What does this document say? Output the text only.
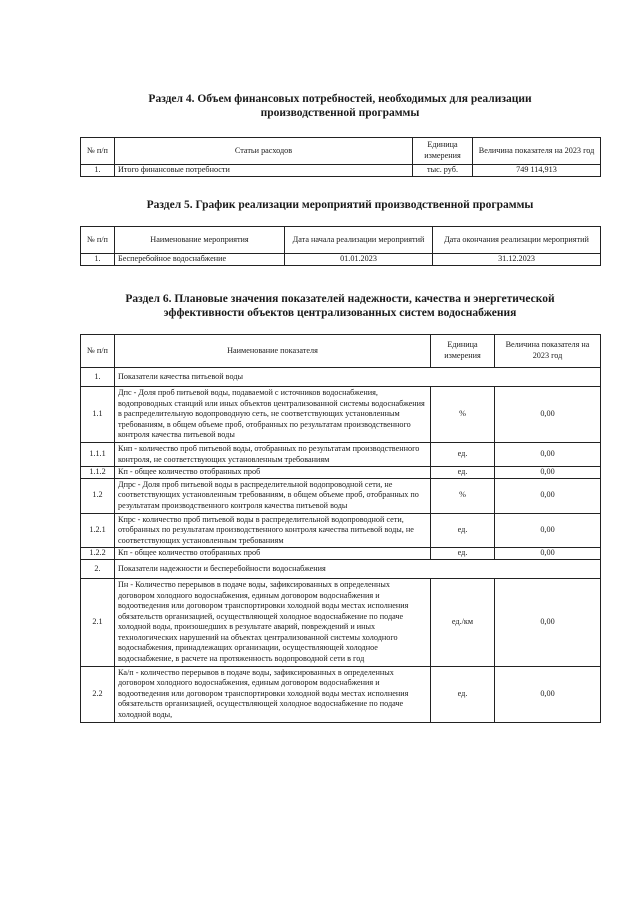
Раздел 4. Объем финансовых потребностей, необходимых для реализации
производственной программы
№ п/п	Статьи расходов	Единица измерения	Величина показателя на 2023 год
1.	Итого финансовые потребности	тыс. руб.	749 114,913
Раздел 5. График реализации мероприятий производственной программы
№ п/п	Наименование мероприятия	Дата начала реализации мероприятий	Дата окончания реализации мероприятий
1.	Бесперебойное водоснабжение	01.01.2023	31.12.2023
Раздел 6. Плановые значения показателей надежности, качества и энергетической
эффективности объектов централизованных систем водоснабжения
№ п/п	Наименование показателя	Единица измерения	Величина показателя на 2023 год
1.	Показатели качества питьевой воды		
1.1	Дпс - Доля проб питьевой воды, подаваемой с источников водоснабжения, водопроводных станций или иных объектов централизованной системы водоснабжения в распределительную водопроводную сеть, не соответствующих установленным требованиям, в общем объеме проб, отобранных по результатам производственного контроля качества питьевой воды	%	0,00
1.1.1	Кнп - количество проб питьевой воды, отобранных по результатам производственного контроля, не соответствующих установленным требованиям	ед.	0,00
1.1.2	Кп - общее количество отобранных проб	ед.	0,00
1.2	Дпрс - Доля проб питьевой воды в распределительной водопроводной сети, не соответствующих установленным требованиям, в общем объеме проб, отобранных по результатам производственного контроля качества питьевой воды	%	0,00
1.2.1	Кпрс - количество проб питьевой воды в распределительной водопроводной сети, отобранных по результатам производственного контроля качества питьевой воды, не соответствующих установленным требованиям	ед.	0,00
1.2.2	Кп - общее количество отобранных проб	ед.	0,00
2.	Показатели надежности и бесперебойности водоснабжения		
2.1	Пн - Количество перерывов в подаче воды, зафиксированных в определенных договором холодного водоснабжения, единым договором водоснабжения и водоотведения или договором транспортировки холодной воды местах исполнения обязательств организацией, осуществляющей холодное водоснабжение по подаче холодной воды, произошедших в результате аварий, повреждений и иных технологических нарушений на объектах централизованной системы холодного водоснабжения, принадлежащих организации, осуществляющей холодное водоснабжение, в расчете на протяженность водопроводной сети в год	ед./км	0,00
2.2	Ка/п - количество перерывов в подаче воды, зафиксированных в определенных договором холодного водоснабжения, единым договором водоснабжения и водоотведения или договором транспортировки холодной воды местах исполнения обязательств организацией, осуществляющей холодное водоснабжение по подаче холодной воды,	ед.	0,00
